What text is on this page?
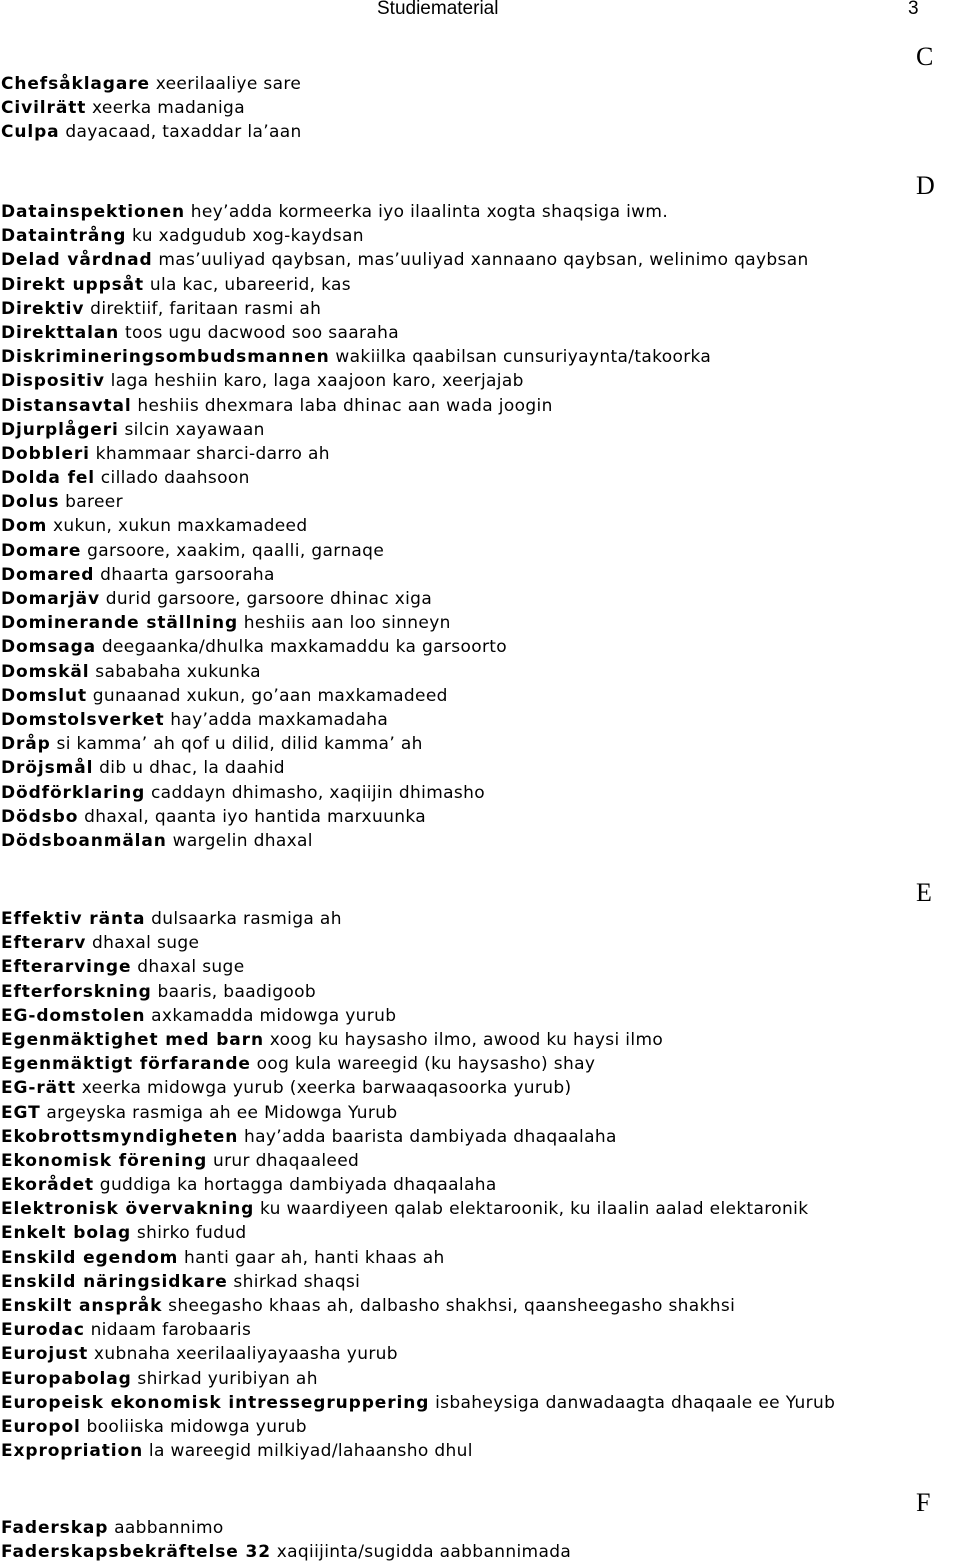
Studiematerial	3
C
Chefsåklagare xeerilaaliye sare
Civilrätt xeerka madaniga
Culpa dayacaad, taxaddar la’aan
D
Datainspektionen hey’adda kormeerka iyo ilaalinta xogta shaqsiga iwm.
Dataintrång ku xadgudub xog-kaydsan
Delad vårdnad mas’uuliyad qaybsan, mas’uuliyad xannaano qaybsan, welinimo qaybsan
Direkt uppsåt ula kac, ubareerid, kas
Direktiv direktiif, faritaan rasmi ah
Direkttalan toos ugu dacwood soo saaraha
Diskrimineringsombudsmannen wakiilka qaabilsan cunsuriyaynta/takoorka
Dispositiv laga heshiin karo, laga xaajoon karo, xeerjajab
Distansavtal heshiis dhexmara laba dhinac aan wada joogin
Djurplågeri silcin xayawaan
Dobbleri khammaar sharci-darro ah
Dolda fel cillado daahsoon
Dolus bareer
Dom xukun, xukun maxkamadeed
Domare garsoore, xaakim, qaalli, garnaqe
Domared dhaarta garsooraha
Domarjäv durid garsoore, garsoore dhinac xiga
Dominerande ställning heshiis aan loo sinneyn
Domsaga deegaanka/dhulka maxkamaddu ka garsoorto
Domskäl sababaha xukunka
Domslut gunaanad xukun, go’aan maxkamadeed
Domstolsverket hay’adda maxkamadaha
Dråp si kamma’ ah qof u dilid, dilid kamma’ ah
Dröjsmål dib u dhac, la daahid
Dödförklaring caddayn dhimasho, xaqiijin dhimasho
Dödsbo dhaxal, qaanta iyo hantida marxuunka
Dödsboanmälan wargelin dhaxal
E
Effektiv ränta dulsaarka rasmiga ah
Efterarv dhaxal suge
Efterarvinge dhaxal suge
Efterforskning baaris, baadigoob
EG-domstolen axkamadda midowga yurub
Egenmäktighet med barn xoog ku haysasho ilmo, awood ku haysi ilmo
Egenmäktigt förfarande oog kula wareegid (ku haysasho) shay
EG-rätt xeerka midowga yurub (xeerka barwaaqasoorka yurub)
EGT argeyska rasmiga ah ee Midowga Yurub
Ekobrottsmyndigheten hay’adda baarista dambiyada dhaqaalaha
Ekonomisk förening urur dhaqaaleed
Ekorådet guddiga ka hortagga dambiyada dhaqaalaha
Elektronisk övervakning ku waardiyeen qalab elektaroonik, ku ilaalin aalad elektaronik
Enkelt bolag shirko fudud
Enskild egendom hanti gaar ah, hanti khaas ah
Enskild näringsidkare shirkad shaqsi
Enskilt anspråk sheegasho khaas ah, dalbasho shakhsi, qaansheegasho shakhsi
Eurodac nidaam farobaaris
Eurojust xubnaha xeerilaaliyayaasha yurub
Europabolag shirkad yuribiyan ah
Europeisk ekonomisk intressegruppering isbaheysiga danwadaagta dhaqaale ee Yurub
Europol booliiska midowga yurub
Expropriation la wareegid milkiyad/lahaansho dhul
F
Faderskap aabbannimo
Faderskapsbekräftelse 32 xaqiijinta/sugidda aabbannimada
